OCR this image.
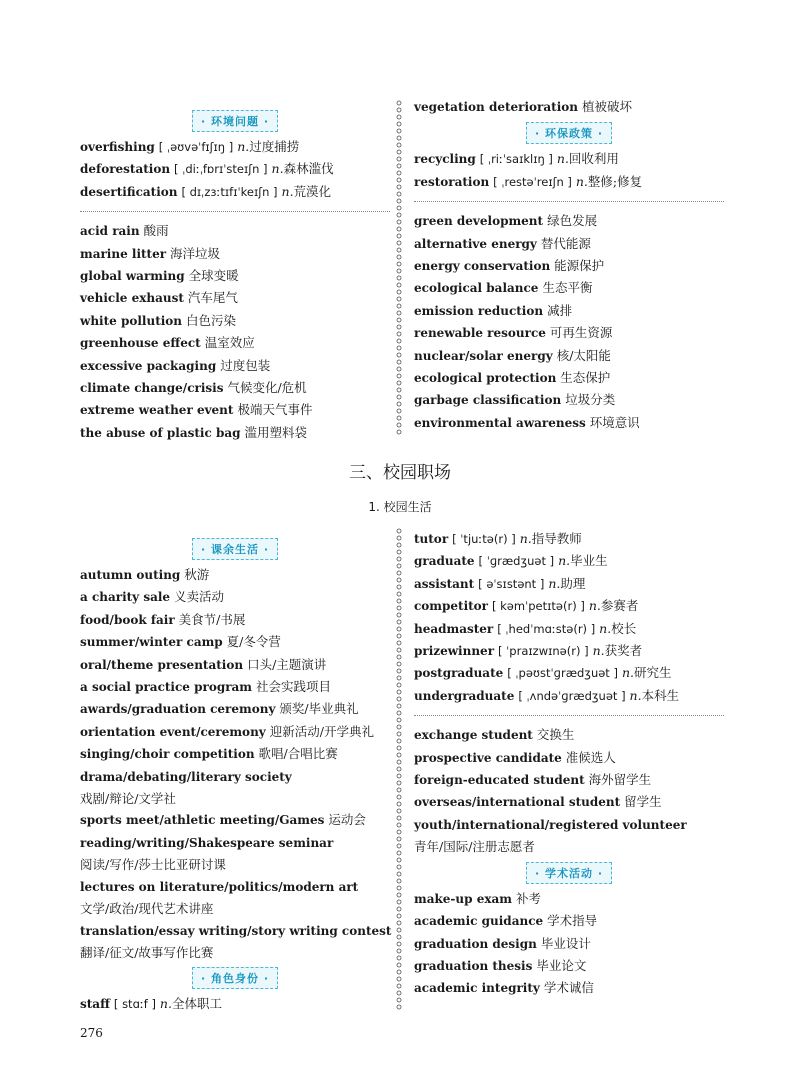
· 环境问题 ·
overfishing [ ˌəʊvəˈfɪʃɪŋ ] n.过度捕捞
deforestation [ ˌdiːˌfɒrɪˈsteɪʃn ] n.森林滥伐
desertification [ dɪˌzɜːtɪfɪˈkeɪʃn ] n.荒漠化
acid rain 酸雨
marine litter 海洋垃圾
global warming 全球变暖
vehicle exhaust 汽车尾气
white pollution 白色污染
greenhouse effect 温室效应
excessive packaging 过度包装
climate change/crisis 气候变化/危机
extreme weather event 极端天气事件
the abuse of plastic bag 滥用塑料袋
vegetation deterioration 植被破坏
· 环保政策 ·
recycling [ ˌriːˈsaɪklɪŋ ] n.回收利用
restoration [ ˌrestəˈreɪʃn ] n.整修;修复
green development 绿色发展
alternative energy 替代能源
energy conservation 能源保护
ecological balance 生态平衡
emission reduction 减排
renewable resource 可再生资源
nuclear/solar energy 核/太阳能
ecological protection 生态保护
garbage classification 垃圾分类
environmental awareness 环境意识
三、校园职场
1. 校园生活
· 课余生活 ·
autumn outing 秋游
a charity sale 义卖活动
food/book fair 美食节/书展
summer/winter camp 夏/冬令营
oral/theme presentation 口头/主题演讲
a social practice program 社会实践项目
awards/graduation ceremony 颁奖/毕业典礼
orientation event/ceremony 迎新活动/开学典礼
singing/choir competition 歌唱/合唱比赛
drama/debating/literary society
戏剧/辩论/文学社
sports meet/athletic meeting/Games 运动会
reading/writing/Shakespeare seminar
阅读/写作/莎士比亚研讨课
lectures on literature/politics/modern art
文学/政治/现代艺术讲座
translation/essay writing/story writing contest
翻译/征文/故事写作比赛
· 角色身份 ·
staff [ stɑːf ] n.全体职工
tutor [ ˈtjuːtə(r) ] n.指导教师
graduate [ ˈɡrædʒuət ] n.毕业生
assistant [ əˈsɪstənt ] n.助理
competitor [ kəmˈpetɪtə(r) ] n.参赛者
headmaster [ ˌhedˈmɑːstə(r) ] n.校长
prizewinner [ ˈpraɪzwɪnə(r) ] n.获奖者
postgraduate [ ˌpəʊstˈɡrædʒuət ] n.研究生
undergraduate [ ˌʌndəˈɡrædʒuət ] n.本科生
exchange student 交换生
prospective candidate 准候选人
foreign-educated student 海外留学生
overseas/international student 留学生
youth/international/registered volunteer
青年/国际/注册志愿者
· 学术活动 ·
make-up exam 补考
academic guidance 学术指导
graduation design 毕业设计
graduation thesis 毕业论文
academic integrity 学术诚信
276
